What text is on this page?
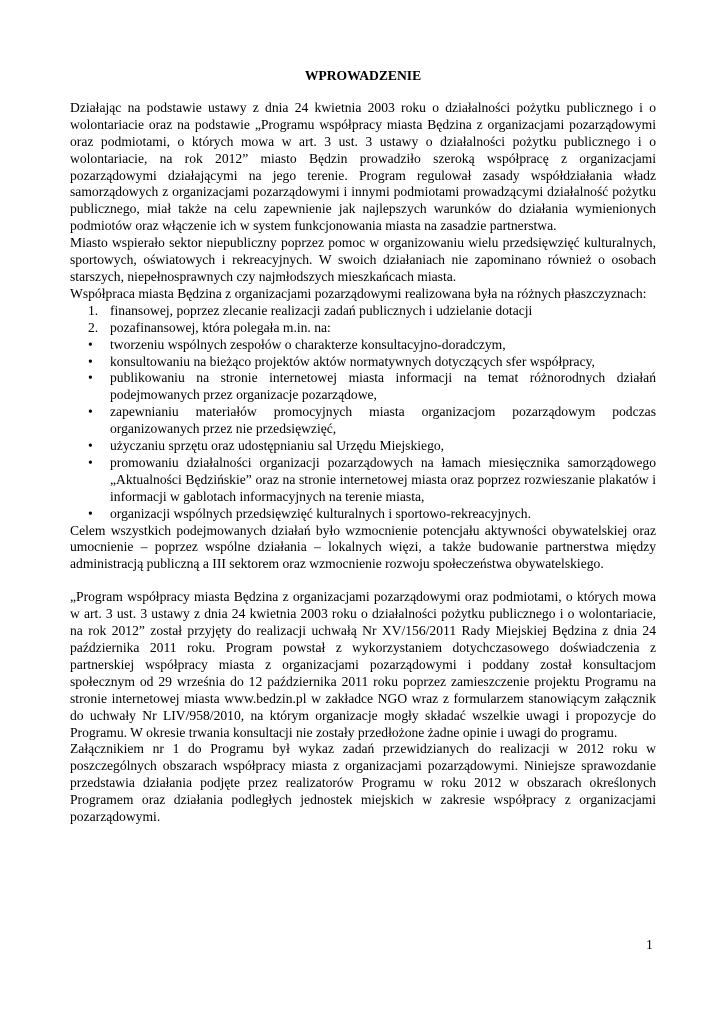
WPROWADZENIE

Działając na podstawie ustawy z dnia 24 kwietnia 2003 roku o działalności pożytku publicznego i o wolontariacie oraz na podstawie „Programu współpracy miasta Będzina z organizacjami pozarządowymi oraz podmiotami, o których mowa w art. 3 ust. 3 ustawy o działalności pożytku publicznego i o wolontariacie, na rok 2012” miasto Będzin prowadziło szeroką współpracę z organizacjami pozarządowymi działającymi na jego terenie. Program regulował zasady współdziałania władz samorządowych z organizacjami pozarządowymi i innymi podmiotami prowadzącymi działalność pożytku publicznego, miał także na celu zapewnienie jak najlepszych warunków do działania wymienionych podmiotów oraz włączenie ich w system funkcjonowania miasta na zasadzie partnerstwa.

Miasto wspierało sektor niepubliczny poprzez pomoc w organizowaniu wielu przedsięwzięć kulturalnych, sportowych, oświatowych i rekreacyjnych. W swoich działaniach nie zapominano również o osobach starszych, niepełnosprawnych czy najmłodszych mieszkańcach miasta.

Współpraca miasta Będzina z organizacjami pozarządowymi realizowana była na różnych płaszczyznach:

1. finansowej, poprzez zlecanie realizacji zadań publicznych i udzielanie dotacji
2. pozafinansowej, która polegała m.in. na:
• tworzeniu wspólnych zespołów o charakterze konsultacyjno-doradczym,
• konsultowaniu na bieżąco projektów aktów normatywnych dotyczących sfer współpracy,
• publikowaniu na stronie internetowej miasta informacji na temat różnorodnych działań podejmowanych przez organizacje pozarządowe,
• zapewnianiu materiałów promocyjnych miasta organizacjom pozarządowym podczas organizowanych przez nie przedsięwzięć,
• użyczaniu sprzętu oraz udostępnianiu sal Urzędu Miejskiego,
• promowaniu działalności organizacji pozarządowych na łamach miesięcznika samorządowego „Aktualności Będzińskie” oraz na stronie internetowej miasta oraz poprzez rozwieszanie plakatów i informacji w gablotach informacyjnych na terenie miasta,
• organizacji wspólnych przedsięwzięć kulturalnych i sportowo-rekreacyjnych.

Celem wszystkich podejmowanych działań było wzmocnienie potencjału aktywności obywatelskiej oraz umocnienie – poprzez wspólne działania – lokalnych więzi, a także budowanie partnerstwa między administracją publiczną a III sektorem oraz wzmocnienie rozwoju społeczeństwa obywatelskiego.

„Program współpracy miasta Będzina z organizacjami pozarządowymi oraz podmiotami, o których mowa w art. 3 ust. 3 ustawy z dnia 24 kwietnia 2003 roku o działalności pożytku publicznego i o wolontariacie, na rok 2012” został przyjęty do realizacji uchwałą Nr XV/156/2011 Rady Miejskiej Będzina z dnia 24 października 2011 roku. Program powstał z wykorzystaniem dotychczasowego doświadczenia z partnerskiej współpracy miasta z organizacjami pozarządowymi i poddany został konsultacjom społecznym od 29 września do 12 października 2011 roku poprzez zamieszczenie projektu Programu na stronie internetowej miasta www.bedzin.pl w zakładce NGO wraz z formularzem stanowiącym załącznik do uchwały Nr LIV/958/2010, na którym organizacje mogły składać wszelkie uwagi i propozycje do Programu. W okresie trwania konsultacji nie zostały przedłożone żadne opinie i uwagi do programu.

Załącznikiem nr 1 do Programu był wykaz zadań przewidzianych do realizacji w 2012 roku w poszczególnych obszarach współpracy miasta z organizacjami pozarządowymi. Niniejsze sprawozdanie przedstawia działania podjęte przez realizatorów Programu w roku 2012 w obszarach określonych Programem oraz działania podległych jednostek miejskich w zakresie współpracy z organizacjami pozarządowymi.

1
